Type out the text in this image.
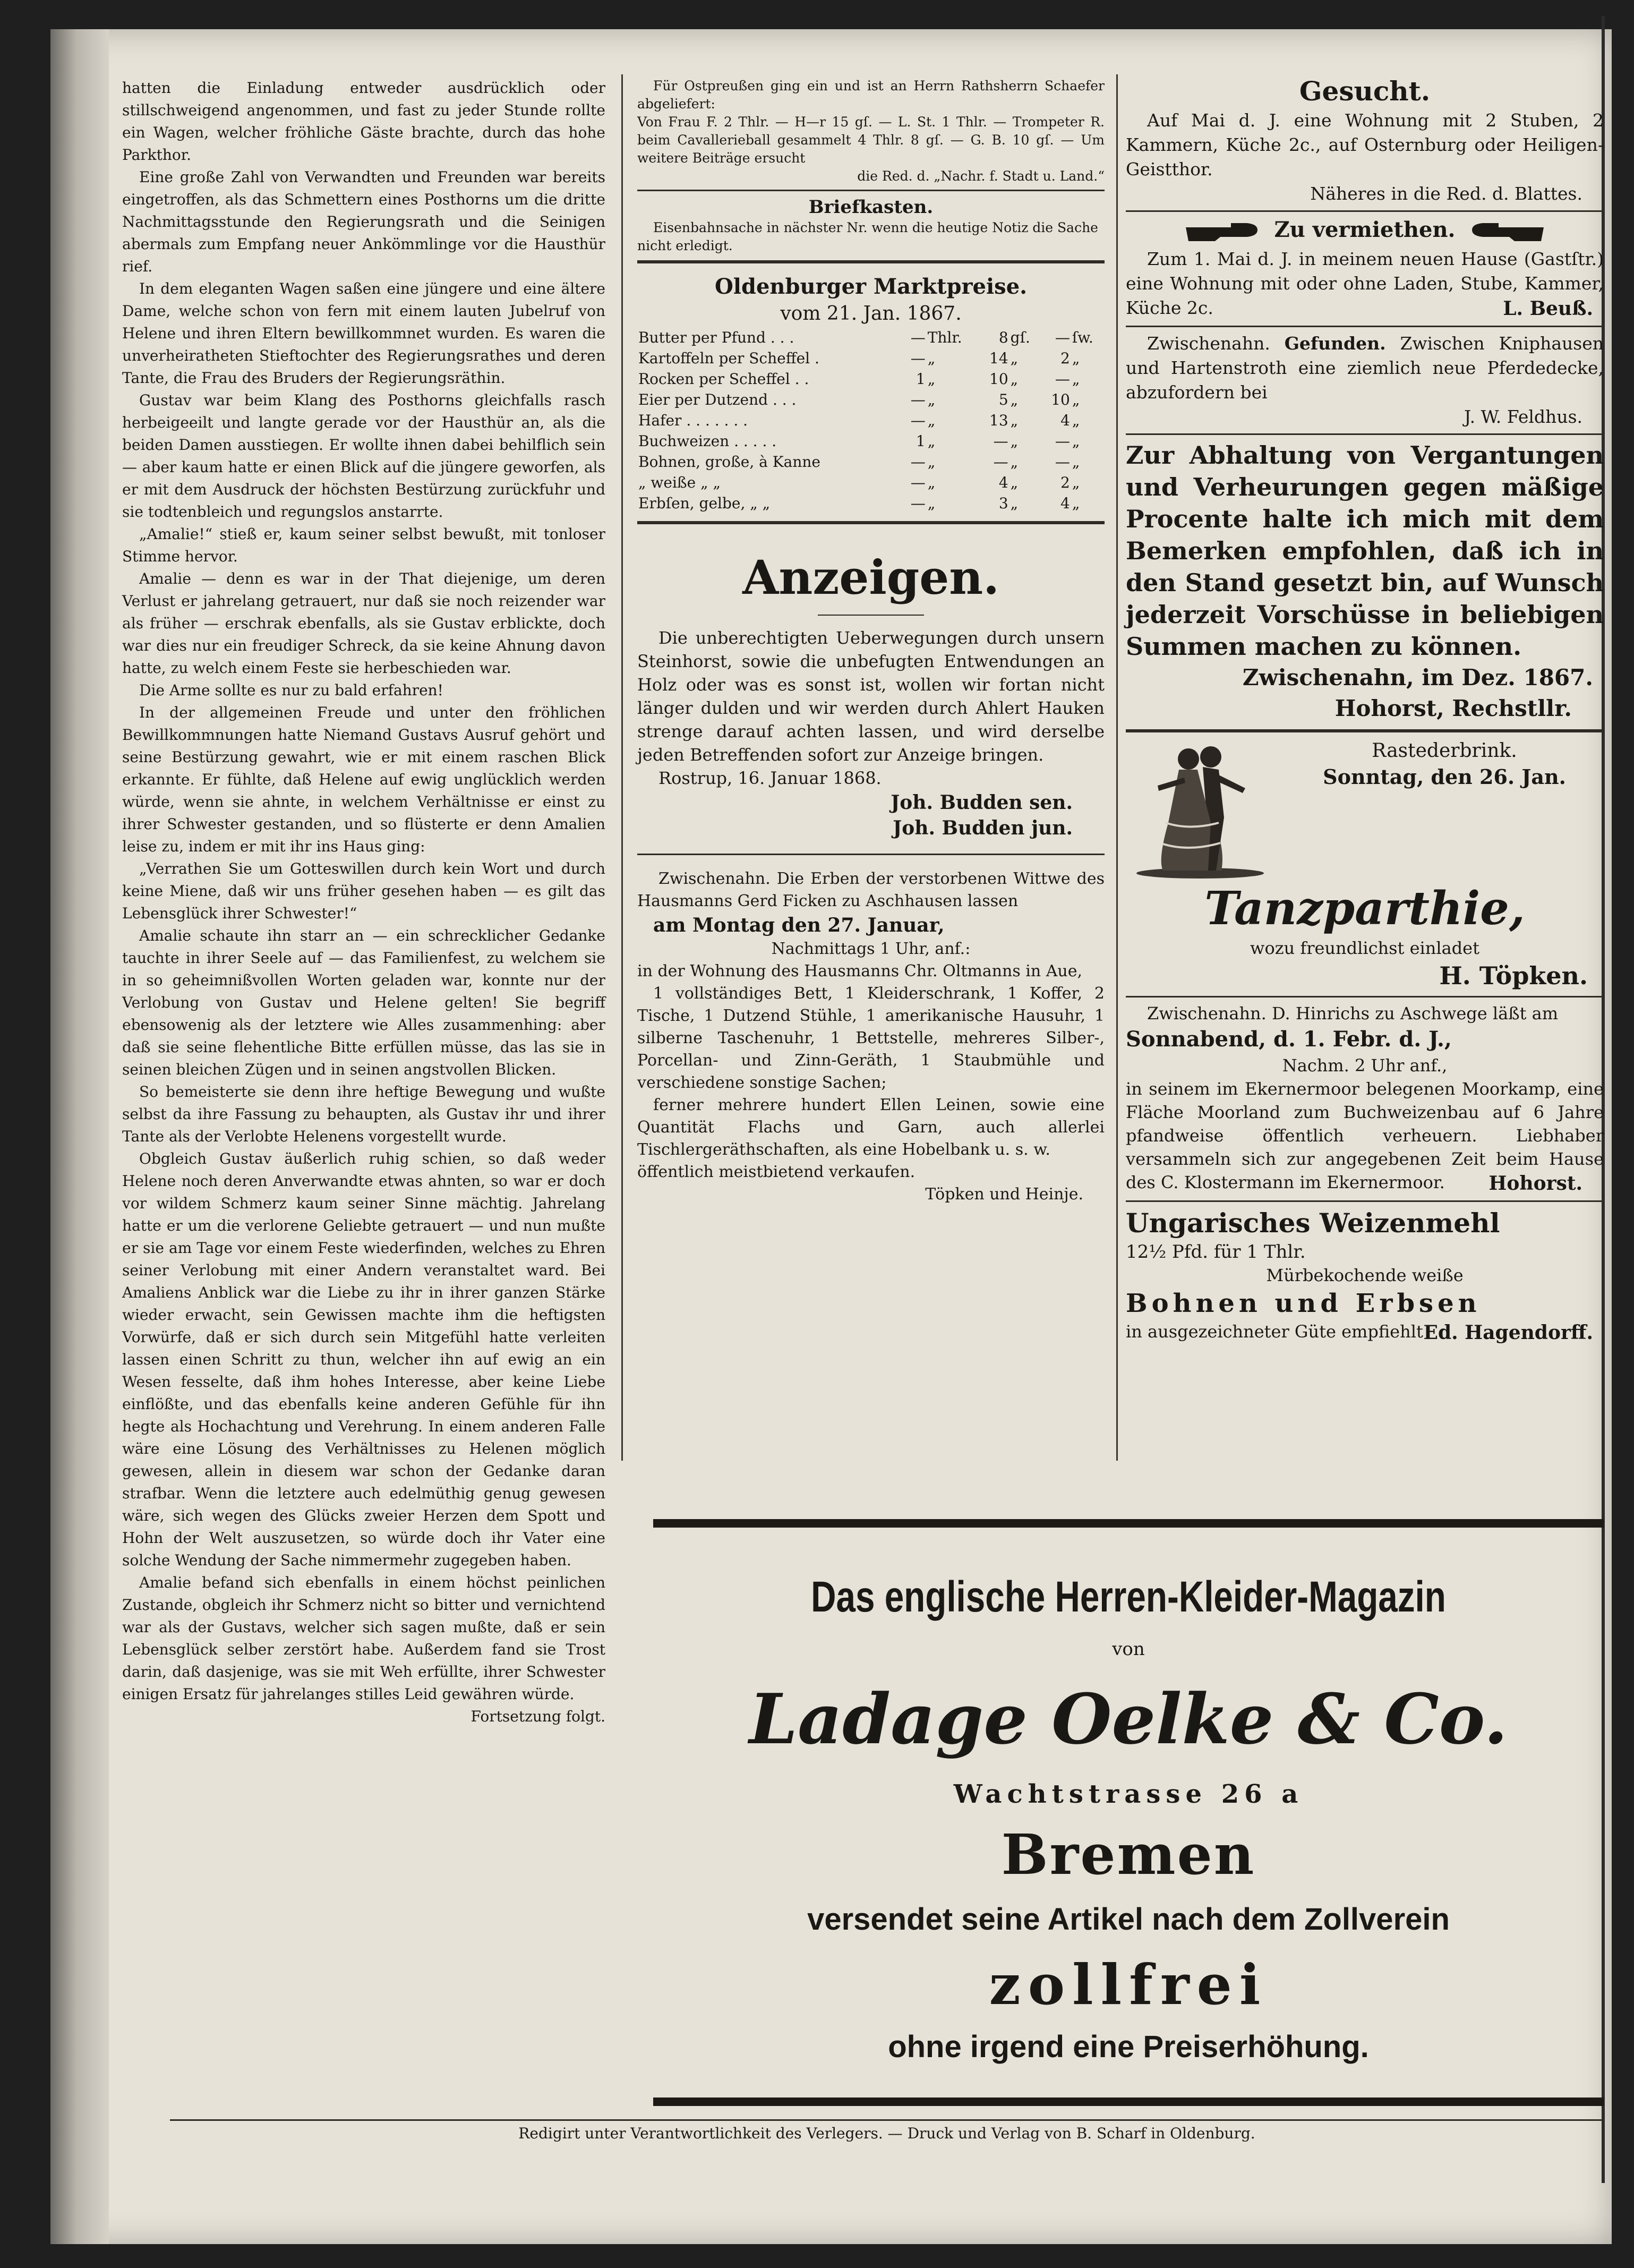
hatten die Einladung entweder ausdrücklich oder stillschweigend angenommen, und fast zu jeder Stunde rollte ein Wagen, welcher fröhliche Gäste brachte, durch das hohe Parkthor.

Eine große Zahl von Verwandten und Freunden war bereits eingetroffen, als das Schmettern eines Posthorns um die dritte Nachmittagsstunde den Regierungsrath und die Seinigen abermals zum Empfang neuer Ankömmlinge vor die Hausthür rief.

In dem eleganten Wagen saßen eine jüngere und eine ältere Dame, welche schon von fern mit einem lauten Jubelruf von Helene und ihren Eltern bewillkommnet wurden. Es waren die unverheiratheten Stieftochter des Regierungsrathes und deren Tante, die Frau des Bruders der Regierungsräthin.

Gustav war beim Klang des Posthorns gleichfalls rasch herbeigeeilt und langte gerade vor der Hausthür an, als die beiden Damen ausstiegen. Er wollte ihnen dabei behilflich sein — aber kaum hatte er einen Blick auf die jüngere geworfen, als er mit dem Ausdruck der höchsten Bestürzung zurückfuhr und sie todtenbleich und regungslos anstarrte.

„Amalie!“ stieß er, kaum seiner selbst bewußt, mit tonloser Stimme hervor.

Amalie — denn es war in der That diejenige, um deren Verlust er jahrelang getrauert, nur daß sie noch reizender war als früher — erschrak ebenfalls, als sie Gustav erblickte, doch war dies nur ein freudiger Schreck, da sie keine Ahnung davon hatte, zu welch einem Feste sie herbeschieden war.

Die Arme sollte es nur zu bald erfahren!

In der allgemeinen Freude und unter den fröhlichen Bewillkommnungen hatte Niemand Gustavs Ausruf gehört und seine Bestürzung gewahrt, wie er mit einem raschen Blick erkannte. Er fühlte, daß Helene auf ewig unglücklich werden würde, wenn sie ahnte, in welchem Verhältnisse er einst zu ihrer Schwester gestanden, und so flüsterte er denn Amalien leise zu, indem er mit ihr ins Haus ging:

„Verrathen Sie um Gotteswillen durch kein Wort und durch keine Miene, daß wir uns früher gesehen haben — es gilt das Lebensglück ihrer Schwester!“

Amalie schaute ihn starr an — ein schrecklicher Gedanke tauchte in ihrer Seele auf — das Familienfest, zu welchem sie in so geheimnißvollen Worten geladen war, konnte nur der Verlobung von Gustav und Helene gelten! Sie begriff ebensowenig als der letztere wie Alles zusammenhing: aber daß sie seine flehentliche Bitte erfüllen müsse, das las sie in seinen bleichen Zügen und in seinen angstvollen Blicken.

So bemeisterte sie denn ihre heftige Bewegung und wußte selbst da ihre Fassung zu behaupten, als Gustav ihr und ihrer Tante als der Verlobte Helenens vorgestellt wurde.

Obgleich Gustav äußerlich ruhig schien, so daß weder Helene noch deren Anverwandte etwas ahnten, so war er doch vor wildem Schmerz kaum seiner Sinne mächtig. Jahrelang hatte er um die verlorene Geliebte getrauert — und nun mußte er sie am Tage vor einem Feste wiederfinden, welches zu Ehren seiner Verlobung mit einer Andern veranstaltet ward. Bei Amaliens Anblick war die Liebe zu ihr in ihrer ganzen Stärke wieder erwacht, sein Gewissen machte ihm die heftigsten Vorwürfe, daß er sich durch sein Mitgefühl hatte verleiten lassen einen Schritt zu thun, welcher ihn auf ewig an ein Wesen fesselte, daß ihm hohes Interesse, aber keine Liebe einflößte, und das ebenfalls keine anderen Gefühle für ihn hegte als Hochachtung und Verehrung. In einem anderen Falle wäre eine Lösung des Verhältnisses zu Helenen möglich gewesen, allein in diesem war schon der Gedanke daran strafbar. Wenn die letztere auch edelmüthig genug gewesen wäre, sich wegen des Glücks zweier Herzen dem Spott und Hohn der Welt auszusetzen, so würde doch ihr Vater eine solche Wendung der Sache nimmermehr zugegeben haben.

Amalie befand sich ebenfalls in einem höchst peinlichen Zustande, obgleich ihr Schmerz nicht so bitter und vernichtend war als der Gustavs, welcher sich sagen mußte, daß er sein Lebensglück selber zerstört habe. Außerdem fand sie Trost darin, daß dasjenige, was sie mit Weh erfüllte, ihrer Schwester einigen Ersatz für jahrelanges stilles Leid gewähren würde.

Fortsetzung folgt.

Für Ostpreußen ging ein und ist an Herrn Rathsherrn Schaefer abgeliefert:

Von Frau F. 2 Thlr. — H—r 15 gſ. — L. St. 1 Thlr. — Trompeter R. beim Cavallerieball gesammelt 4 Thlr. 8 gſ. — G. B. 10 gſ. — Um weitere Beiträge ersucht

die Red. d. „Nachr. f. Stadt u. Land.“

Briefkasten.

Eisenbahnsache in nächster Nr. wenn die heutige Notiz die Sache nicht erledigt.

Oldenburger Marktpreise.

vom 21. Jan. 1867.

Butter per Pfund . . .	—	Thlr.	8	gſ.	—	ſw.
Kartoffeln per Scheffel .	—	„	14	„	2	„
Rocken per Scheffel . .	1	„	10	„	—	„
Eier per Dutzend . . .	—	„	5	„	10	„
Hafer . . . . . . .	—	„	13	„	4	„
Buchweizen . . . . .	1	„	—	„	—	„
Bohnen, große, à Kanne	—	„	—	„	—	„
„ weiße „ „	—	„	4	„	2	„
Erbſen, gelbe, „ „	—	„	3	„	4	„
Anzeigen.

Die unberechtigten Ueberwegungen durch unsern Steinhorst, sowie die unbefugten Entwendungen an Holz oder was es sonst ist, wollen wir fortan nicht länger dulden und wir werden durch Ahlert Hauken strenge darauf achten lassen, und wird derselbe jeden Betreffenden sofort zur Anzeige bringen.

Rostrup, 16. Januar 1868.

Joh. Budden sen.

Joh. Budden jun.

Zwischenahn. Die Erben der verstorbenen Wittwe des Hausmanns Gerd Ficken zu Aschhausen lassen

am Montag den 27. Januar,

Nachmittags 1 Uhr, anf.:

in der Wohnung des Hausmanns Chr. Oltmanns in Aue,

1 vollständiges Bett, 1 Kleiderschrank, 1 Koffer, 2 Tische, 1 Dutzend Stühle, 1 amerikanische Hausuhr, 1 silberne Taschenuhr, 1 Bettstelle, mehreres Silber-, Porcellan- und Zinn-Geräth, 1 Staubmühle und verschiedene sonstige Sachen;

ferner mehrere hundert Ellen Leinen, sowie eine Quantität Flachs und Garn, auch allerlei Tischlergeräthschaften, als eine Hobelbank u. s. w.

öffentlich meistbietend verkaufen.

Töpken und Heinje.

Gesucht.

Auf Mai d. J. eine Wohnung mit 2 Stuben, 2 Kammern, Küche 2c., auf Osternburg oder Heiligen-Geistthor.

Näheres in die Red. d. Blattes.

Zu vermiethen.

Zum 1. Mai d. J. in meinem neuen Hause (Gastſtr.) eine Wohnung mit oder ohne Laden, Stube, Kammer, Küche 2c.	L. Beuß.

Zwischenahn. Gefunden. Zwischen Kniphausen und Hartenstroth eine ziemlich neue Pferdedecke, abzufordern bei

J. W. Feldhus.

Zur Abhaltung von Vergantungen und Verheurungen gegen mäßige Procente halte ich mich mit dem Bemerken empfohlen, daß ich in den Stand gesetzt bin, auf Wunsch jederzeit Vorschüsse in beliebigen Summen machen zu können.

Zwischenahn, im Dez. 1867.

Hohorst, Rechstllr.

Rastederbrink.

Sonntag, den 26. Jan.

Tanzparthie,

wozu freundlichst einladet

H. Töpken.

Zwischenahn. D. Hinrichs zu Aschwege läßt am

Sonnabend, d. 1. Febr. d. J.,

Nachm. 2 Uhr anf.,

in seinem im Ekernermoor belegenen Moorkamp, eine Fläche Moorland zum Buchweizenbau auf 6 Jahre pfandweise öffentlich verheuern. Liebhaber versammeln sich zur angegebenen Zeit beim Hause des C. Klostermann im Ekernermoor.	Hohorst.

Ungarisches Weizenmehl

12½ Pfd. für 1 Thlr.

Mürbekochende weiße

Bohnen und Erbsen

in ausgezeichneter Güte empfiehlt Ed. Hagendorff.

Das englische Herren-Kleider-Magazin
von
Ladage Oelke & Co.
Wachtstrasse 26 a
Bremen
versendet seine Artikel nach dem Zollverein
zollfrei
ohne irgend eine Preiserhöhung.
Redigirt unter Verantwortlichkeit des Verlegers. — Druck und Verlag von B. Scharf in Oldenburg.
